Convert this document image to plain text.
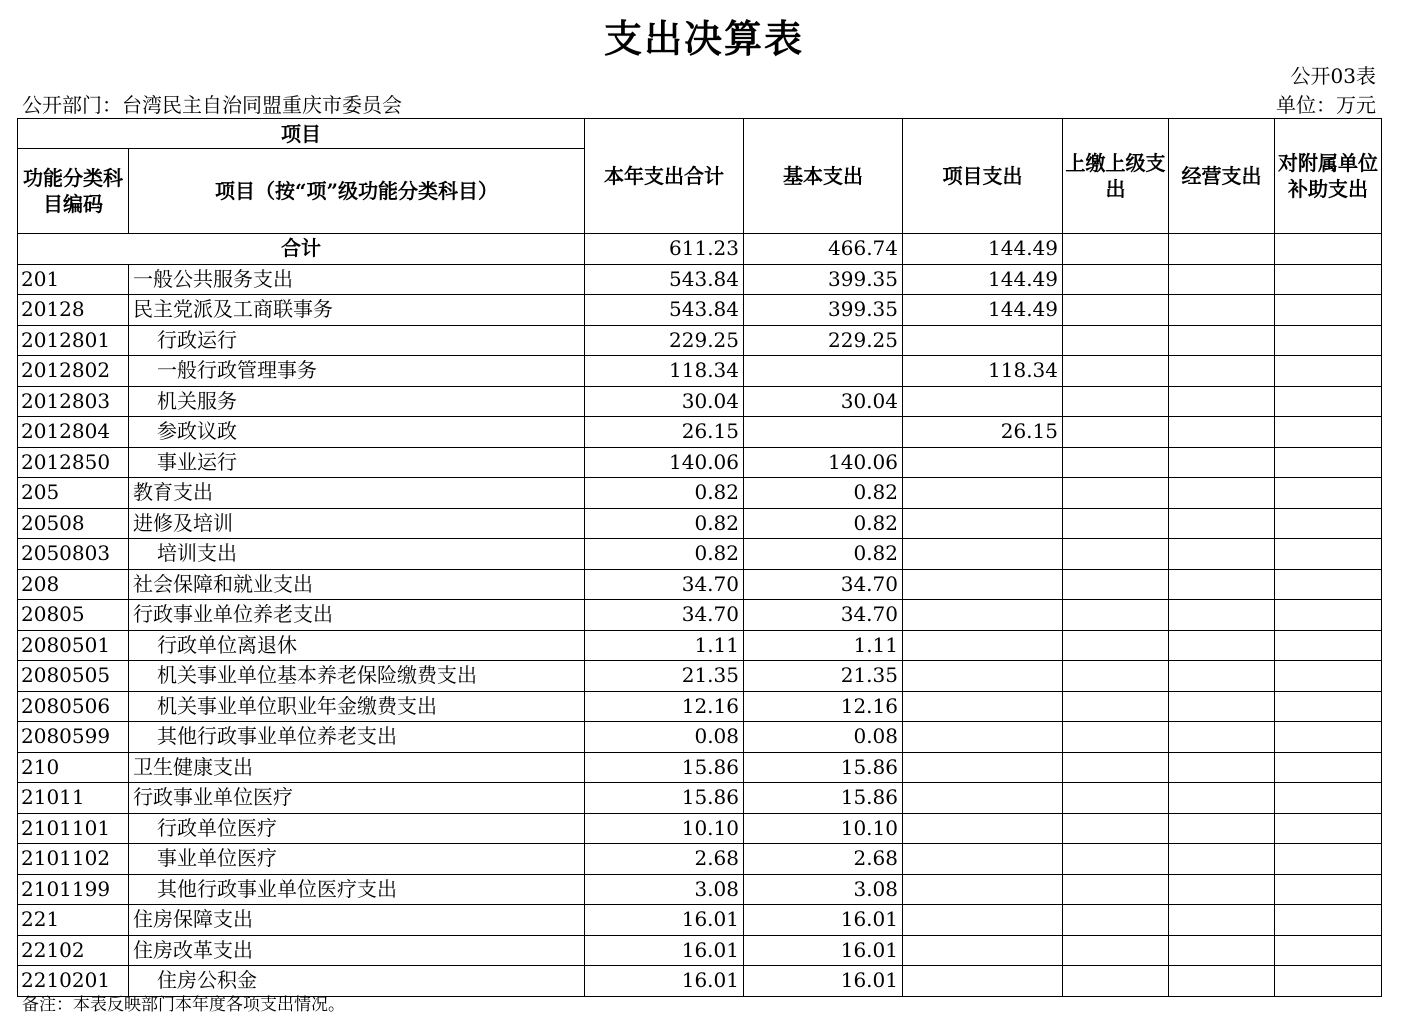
支出决算表
公开03表
公开部门：台湾民主自治同盟重庆市委员会	单位：万元
项目		本年支出合计	基本支出	项目支出	上缴上级支出	经营支出	对附属单位补助支出
功能分类科目编码	项目（按“项”级功能分类科目）						
合计		611.23	466.74	144.49			
201	一般公共服务支出	543.84	399.35	144.49			
20128	民主党派及工商联事务	543.84	399.35	144.49			
2012801	行政运行	229.25	229.25				
2012802	一般行政管理事务	118.34		118.34			
2012803	机关服务	30.04	30.04				
2012804	参政议政	26.15		26.15			
2012850	事业运行	140.06	140.06				
205	教育支出	0.82	0.82				
20508	进修及培训	0.82	0.82				
2050803	培训支出	0.82	0.82				
208	社会保障和就业支出	34.70	34.70				
20805	行政事业单位养老支出	34.70	34.70				
2080501	行政单位离退休	1.11	1.11				
2080505	机关事业单位基本养老保险缴费支出	21.35	21.35				
2080506	机关事业单位职业年金缴费支出	12.16	12.16				
2080599	其他行政事业单位养老支出	0.08	0.08				
210	卫生健康支出	15.86	15.86				
21011	行政事业单位医疗	15.86	15.86				
2101101	行政单位医疗	10.10	10.10				
2101102	事业单位医疗	2.68	2.68				
2101199	其他行政事业单位医疗支出	3.08	3.08				
221	住房保障支出	16.01	16.01				
22102	住房改革支出	16.01	16.01				
2210201	住房公积金	16.01	16.01				
备注：本表反映部门本年度各项支出情况。
